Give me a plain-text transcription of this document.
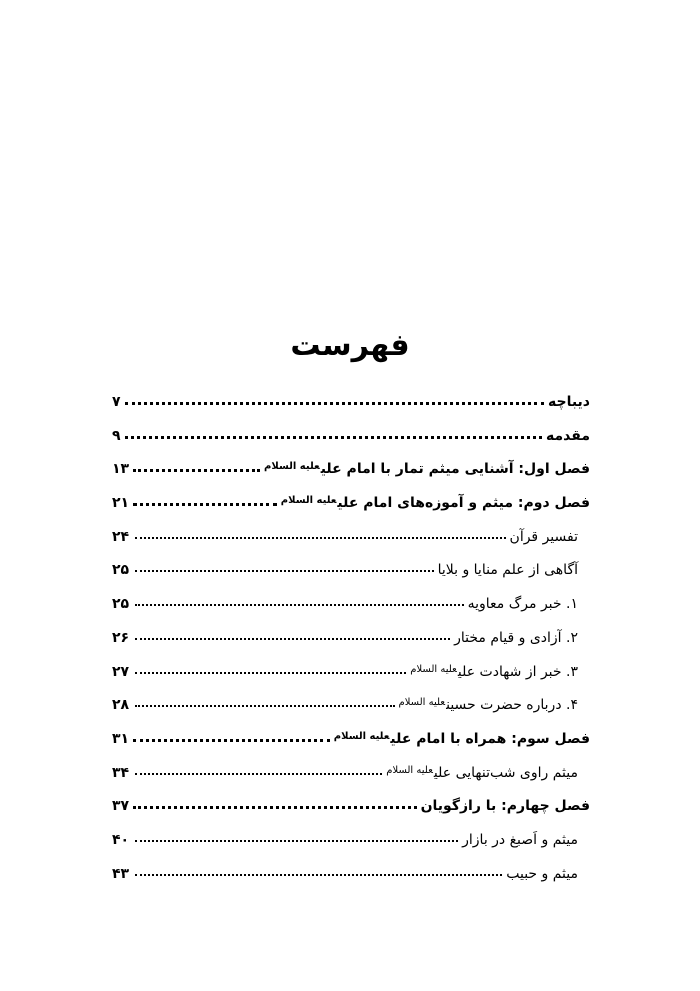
فهرست
دیباچه
۷
مقدمه
۹
فصل اول: آشنایی میثم تمار با امام علی$^{عليه السلام}$
۱۳
فصل دوم: میثم و آموزه‌های امام علی$^{عليه السلام}$
۲۱
تفسیر قرآن
۲۴
آگاهی از علم منایا و بلایا
۲۵
۱. خبر مرگ معاویه
۲۵
۲. آزادی و قیام مختار
۲۶
۳. خبر از شهادت علی$^{عليه السلام}$
۲۷
۴. درباره حضرت حسین$^{عليه السلام}$
۲۸
فصل سوم: همراه با امام علی$^{عليه السلام}$
۳۱
میثم راوی شب‌تنهایی علی$^{عليه السلام}$
۳۴
فصل چهارم: با رازگویان
۳۷
میثم و اَصبغ در بازار
۴۰
میثم و حبیب
۴۳
